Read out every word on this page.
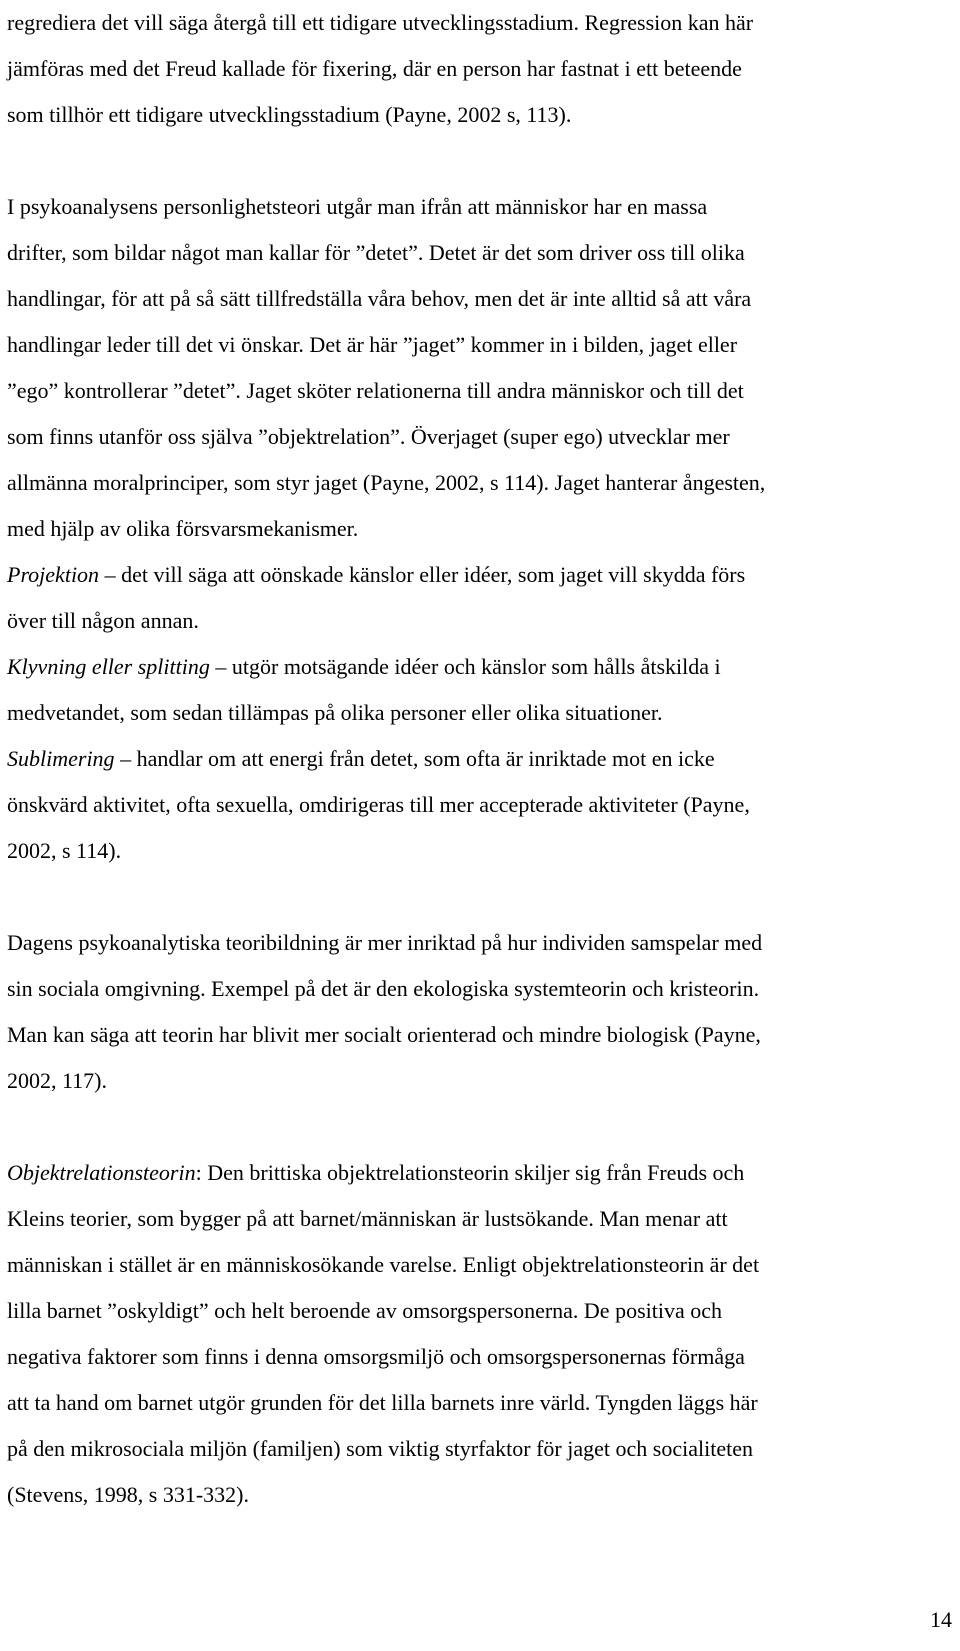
regrediera det vill säga återgå till ett tidigare utvecklingsstadium. Regression kan här

jämföras med det Freud kallade för fixering, där en person har fastnat i ett beteende

som tillhör ett tidigare utvecklingsstadium (Payne, 2002 s, 113).

I psykoanalysens personlighetsteori utgår man ifrån att människor har en massa

drifter, som bildar något man kallar för ”detet”. Detet är det som driver oss till olika

handlingar, för att på så sätt tillfredställa våra behov, men det är inte alltid så att våra

handlingar leder till det vi önskar. Det är här ”jaget” kommer in i bilden, jaget eller

”ego” kontrollerar ”detet”. Jaget sköter relationerna till andra människor och till det

som finns utanför oss själva ”objektrelation”. Överjaget (super ego) utvecklar mer

allmänna moralprinciper, som styr jaget (Payne, 2002, s 114). Jaget hanterar ångesten,

med hjälp av olika försvarsmekanismer.

Projektion – det vill säga att oönskade känslor eller idéer, som jaget vill skydda förs

över till någon annan.

Klyvning eller splitting – utgör motsägande idéer och känslor som hålls åtskilda i

medvetandet, som sedan tillämpas på olika personer eller olika situationer.

Sublimering – handlar om att energi från detet, som ofta är inriktade mot en icke

önskvärd aktivitet, ofta sexuella, omdirigeras till mer accepterade aktiviteter (Payne,

2002, s 114).

Dagens psykoanalytiska teoribildning är mer inriktad på hur individen samspelar med

sin sociala omgivning. Exempel på det är den ekologiska systemteorin och kristeorin.

Man kan säga att teorin har blivit mer socialt orienterad och mindre biologisk (Payne,

2002, 117).

Objektrelationsteorin: Den brittiska objektrelationsteorin skiljer sig från Freuds och

Kleins teorier, som bygger på att barnet/människan är lustsökande. Man menar att

människan i stället är en människosökande varelse. Enligt objektrelationsteorin är det

lilla barnet ”oskyldigt” och helt beroende av omsorgspersonerna. De positiva och

negativa faktorer som finns i denna omsorgsmiljö och omsorgspersonernas förmåga

att ta hand om barnet utgör grunden för det lilla barnets inre värld. Tyngden läggs här

på den mikrosociala miljön (familjen) som viktig styrfaktor för jaget och socialiteten

(Stevens, 1998, s 331-332).

14
